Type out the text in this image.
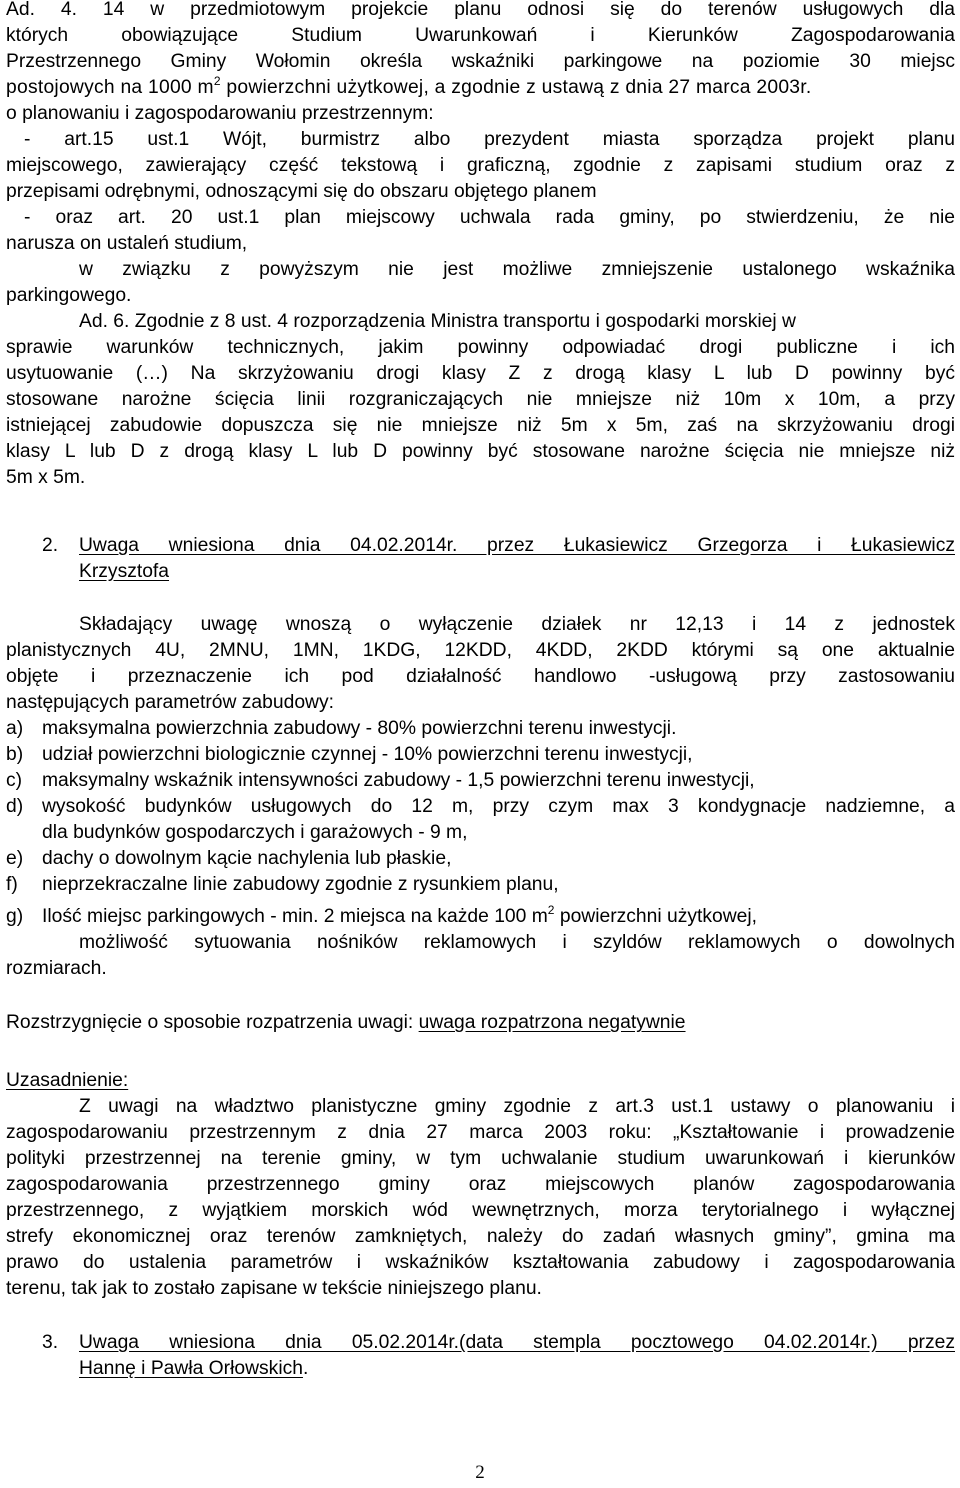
Ad. 4. 14 w przedmiotowym projekcie planu odnosi się do terenów usługowych dla
których obowiązujące Studium Uwarunkowań i Kierunków Zagospodarowania
Przestrzennego Gminy Wołomin określa wskaźniki parkingowe na poziomie 30 miejsc
postojowych na 1000 $m^2$ powierzchni użytkowej, a zgodnie z ustawą z dnia 27 marca 2003r.
o planowaniu i zagospodarowaniu przestrzennym:
- art.15 ust.1 Wójt, burmistrz albo prezydent miasta sporządza projekt planu
miejscowego, zawierający część tekstową i graficzną, zgodnie z zapisami studium oraz z
przepisami odrębnymi, odnoszącymi się do obszaru objętego planem
- oraz art. 20 ust.1 plan miejscowy uchwala rada gminy, po stwierdzeniu, że nie
narusza on ustaleń studium,
w związku z powyższym nie jest możliwe zmniejszenie ustalonego wskaźnika
parkingowego.
Ad. 6. Zgodnie z 8 ust. 4 rozporządzenia Ministra transportu i gospodarki morskiej w
sprawie warunków technicznych, jakim powinny odpowiadać drogi publiczne i ich
usytuowanie (…) Na skrzyżowaniu drogi klasy Z z drogą klasy L lub D powinny być
stosowane narożne ścięcia linii rozgraniczających nie mniejsze niż 10m x 10m, a przy
istniejącej zabudowie dopuszcza się nie mniejsze niż 5m x 5m, zaś na skrzyżowaniu drogi
klasy L lub D z drogą klasy L lub D powinny być stosowane narożne ścięcia nie mniejsze niż
5m x 5m.
2.	Uwaga wniesiona dnia 04.02.2014r. przez Łukasiewicz Grzegorza i Łukasiewicz
Krzysztofa
Składający uwagę wnoszą o wyłączenie działek nr 12,13 i 14 z jednostek
planistycznych 4U, 2MNU, 1MN, 1KDG, 12KDD, 4KDD, 2KDD którymi są one aktualnie
objęte i przeznaczenie ich pod działalność handlowo -usługową przy zastosowaniu
następujących parametrów zabudowy:
a) maksymalna powierzchnia zabudowy - 80% powierzchni terenu inwestycji.
b) udział powierzchni biologicznie czynnej - 10% powierzchni terenu inwestycji,
c) maksymalny wskaźnik intensywności zabudowy - 1,5 powierzchni terenu inwestycji,
d) wysokość budynków usługowych do 12 m, przy czym max 3 kondygnacje nadziemne, a
dla budynków gospodarczych i garażowych - 9 m,
e) dachy o dowolnym kącie nachylenia lub płaskie,
f) nieprzekraczalne linie zabudowy zgodnie z rysunkiem planu,
g) Ilość miejsc parkingowych - min. 2 miejsca na każde 100 $m^2$ powierzchni użytkowej,
możliwość sytuowania nośników reklamowych i szyldów reklamowych o dowolnych
rozmiarach.
Rozstrzygnięcie o sposobie rozpatrzenia uwagi: uwaga rozpatrzona negatywnie
Uzasadnienie:
Z uwagi na władztwo planistyczne gminy zgodnie z art.3 ust.1 ustawy o planowaniu i
zagospodarowaniu przestrzennym z dnia 27 marca 2003 roku: „Kształtowanie i prowadzenie
polityki przestrzennej na terenie gminy, w tym uchwalanie studium uwarunkowań i kierunków
zagospodarowania przestrzennego gminy oraz miejscowych planów zagospodarowania
przestrzennego, z wyjątkiem morskich wód wewnętrznych, morza terytorialnego i wyłącznej
strefy ekonomicznej oraz terenów zamkniętych, należy do zadań własnych gminy”, gmina ma
prawo do ustalenia parametrów i wskaźników kształtowania zabudowy i zagospodarowania
terenu, tak jak to zostało zapisane w tekście niniejszego planu.
3.	Uwaga wniesiona dnia 05.02.2014r.(data stempla pocztowego 04.02.2014r.) przez
Hannę i Pawła Orłowskich.
2
